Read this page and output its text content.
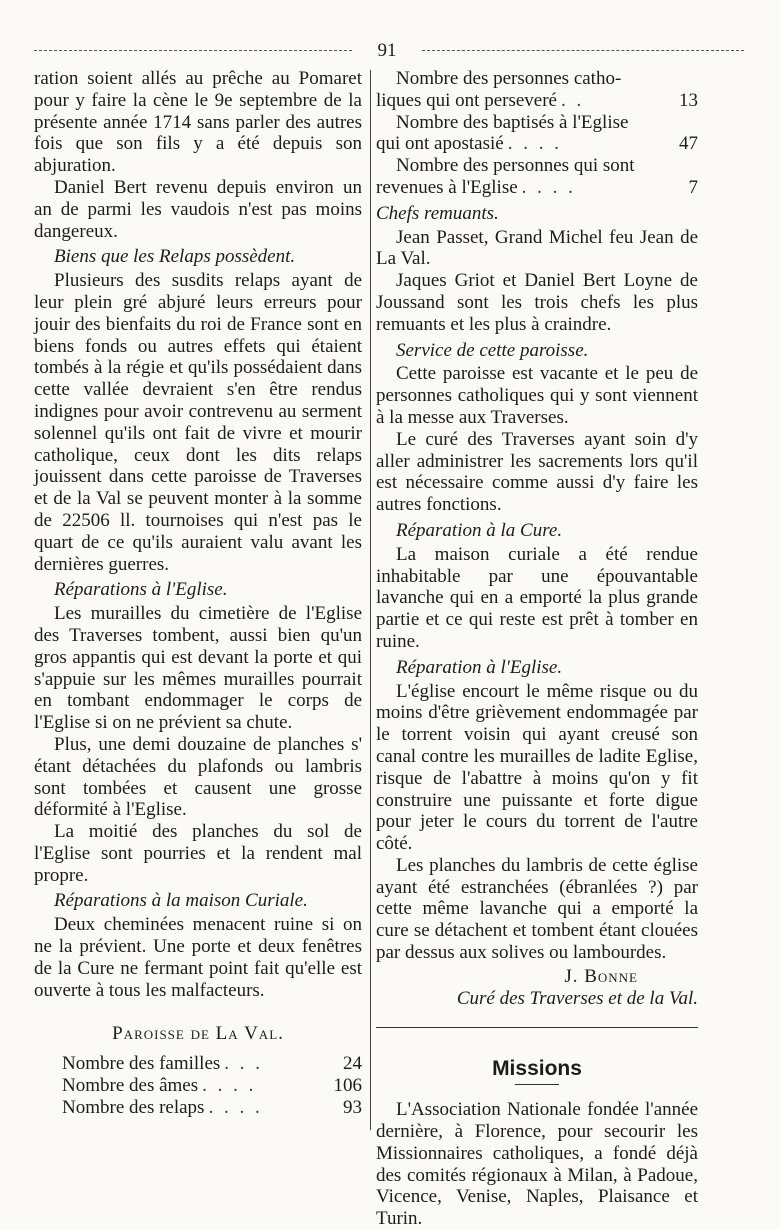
91

ration soient allés au prêche au Pomaret pour y faire la cène le 9e septembre de la présente année 1714 sans parler des autres fois que son fils y a été depuis son abjuration.

Daniel Bert revenu depuis environ un an de parmi les vaudois n'est pas moins dangereux.

Biens que les Relaps possèdent.

Plusieurs des susdits relaps ayant de leur plein gré abjuré leurs erreurs pour jouir des bienfaits du roi de France sont en biens fonds ou autres effets qui étaient tombés à la régie et qu'ils possédaient dans cette vallée devraient s'en être rendus indignes pour avoir contrevenu au serment solennel qu'ils ont fait de vivre et mourir catholique, ceux dont les dits relaps jouissent dans cette paroisse de Traverses et de la Val se peuvent monter à la somme de 22506 ll. tournoises qui n'est pas le quart de ce qu'ils auraient valu avant les dernières guerres.

Réparations à l'Eglise.

Les murailles du cimetière de l'Eglise des Traverses tombent, aussi bien qu'un gros appantis qui est devant la porte et qui s'appuie sur les mêmes murailles pourrait en tombant endommager le corps de l'Eglise si on ne prévient sa chute.

Plus, une demi douzaine de planches s' étant détachées du plafonds ou lambris sont tombées et causent une grosse déformité à l'Eglise.

La moitié des planches du sol de l'Eglise sont pourries et la rendent mal propre.

Réparations à la maison Curiale.

Deux cheminées menacent ruine si on ne la prévient. Une porte et deux fenêtres de la Cure ne fermant point fait qu'elle est ouverte à tous les malfacteurs.

Paroisse de La Val.
Nombre des familles . . .	24
Nombre des âmes . . . .	106
Nombre des relaps . . . .	93

Nombre des personnes catho-

liques qui ont perseveré . .	13

Nombre des baptisés à l'Eglise

qui ont apostasié . . . .	47

Nombre des personnes qui sont

revenues à l'Eglise . . . .	7

Chefs remuants.

Jean Passet, Grand Michel feu Jean de La Val.

Jaques Griot et Daniel Bert Loyne de Joussand sont les trois chefs les plus remuants et les plus à craindre.

Service de cette paroisse.

Cette paroisse est vacante et le peu de personnes catholiques qui y sont viennent à la messe aux Traverses.

Le curé des Traverses ayant soin d'y aller administrer les sacrements lors qu'il est nécessaire comme aussi d'y faire les autres fonctions.

Réparation à la Cure.

La maison curiale a été rendue inhabitable par une épouvantable lavanche qui en a emporté la plus grande partie et ce qui reste est prêt à tomber en ruine.

Réparation à l'Eglise.

L'église encourt le même risque ou du moins d'être grièvement endommagée par le torrent voisin qui ayant creusé son canal contre les murailles de ladite Eglise, risque de l'abattre à moins qu'on y fit construire une puissante et forte digue pour jeter le cours du torrent de l'autre côté.

Les planches du lambris de cette église ayant été estranchées (ébranlées ?) par cette même lavanche qui a emporté la cure se détachent et tombent étant clouées par dessus aux solives ou lambourdes.

J. Bonne
Curé des Traverses et de la Val.
Missions

L'Association Nationale fondée l'année dernière, à Florence, pour secourir les Missionnaires catholiques, a fondé déjà des comités régionaux à Milan, à Padoue, Vicence, Venise, Naples, Plaisance et Turin.
